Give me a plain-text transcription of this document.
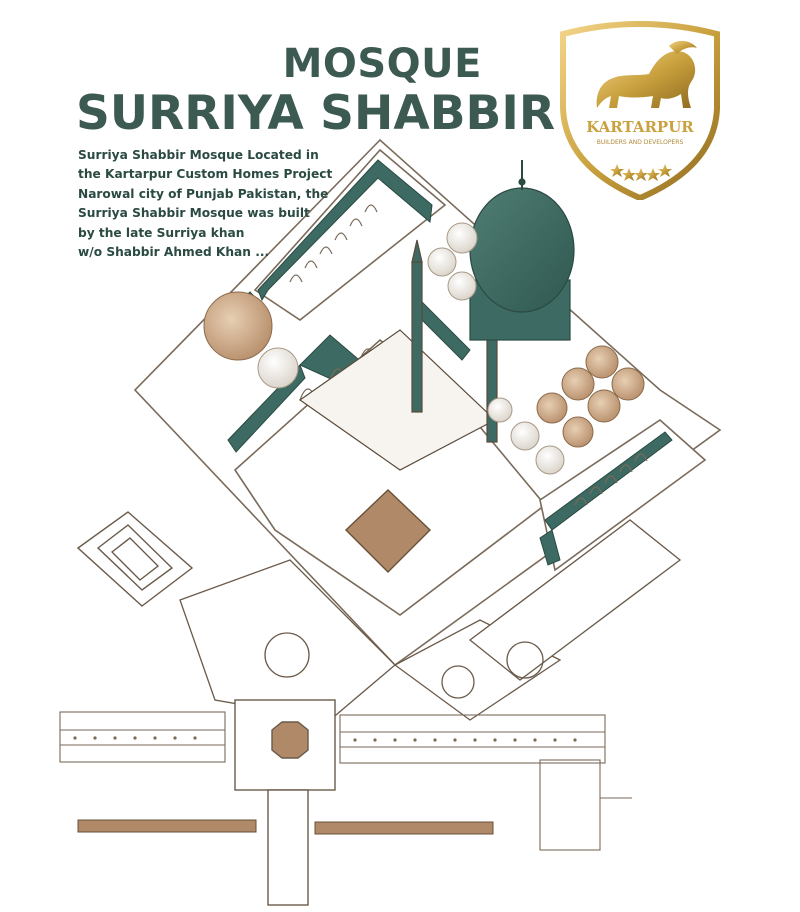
MOSQUE
SURRIYA SHABBIR
Surriya Shabbir Mosque Located in
the Kartarpur Custom Homes Project
Narowal city of Punjab Pakistan, the
Surriya Shabbir Mosque was built
by the late Surriya khan
w/o Shabbir Ahmed Khan ...
KARTARPUR
BUILDERS AND DEVELOPERS
